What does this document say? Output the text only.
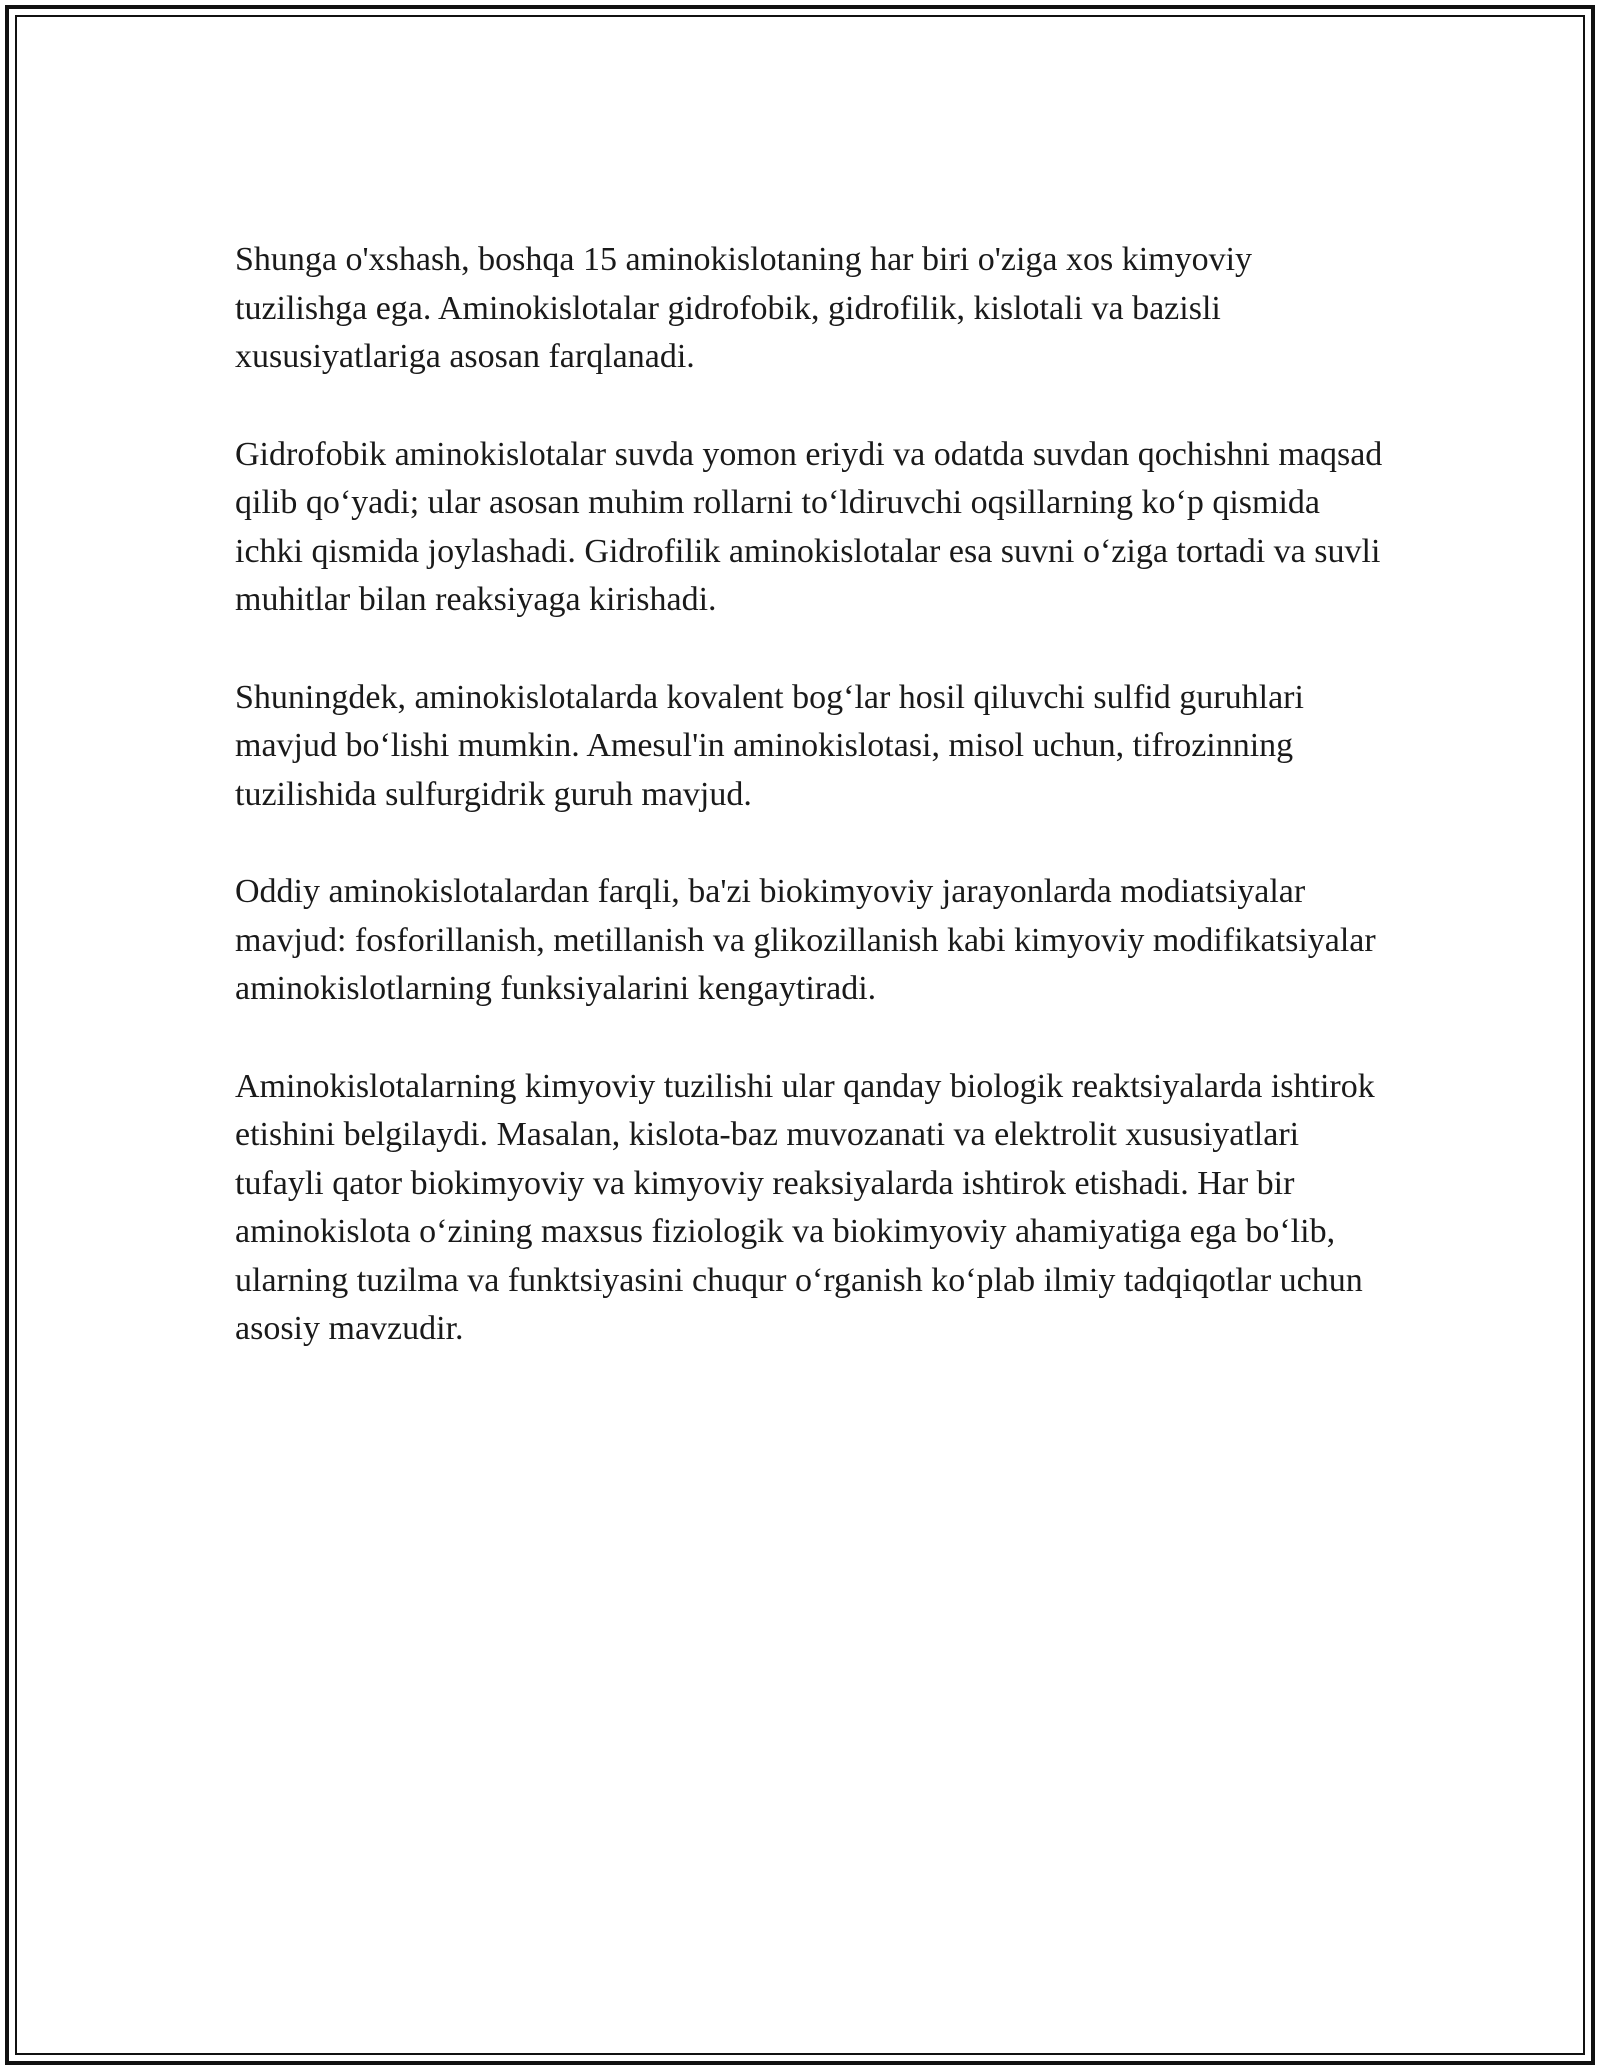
Shunga o'xshash, boshqa 15 aminokislotaning har biri o'ziga xos kimyoviy tuzilishga ega. Aminokislotalar gidrofobik, gidrofilik, kislotali va bazisli xususiyatlariga asosan farqlanadi.

Gidrofobik aminokislotalar suvda yomon eriydi va odatda suvdan qochishni maqsad qilib qo‘yadi; ular asosan muhim rollarni to‘ldiruvchi oqsillarning ko‘p qismida ichki qismida joylashadi. Gidrofilik aminokislotalar esa suvni o‘ziga tortadi va suvli muhitlar bilan reaksiyaga kirishadi.

Shuningdek, aminokislotalarda kovalent bog‘lar hosil qiluvchi sulfid guruhlari mavjud bo‘lishi mumkin. Amesul'in aminokislotasi, misol uchun, tifrozinning tuzilishida sulfurgidrik guruh mavjud.

Oddiy aminokislotalardan farqli, ba'zi biokimyoviy jarayonlarda modiatsiyalar mavjud: fosforillanish, metillanish va glikozillanish kabi kimyoviy modifikatsiyalar aminokislotlarning funksiyalarini kengaytiradi.

Aminokislotalarning kimyoviy tuzilishi ular qanday biologik reaktsiyalarda ishtirok etishini belgilaydi. Masalan, kislota-baz muvozanati va elektrolit xususiyatlari tufayli qator biokimyoviy va kimyoviy reaksiyalarda ishtirok etishadi. Har bir aminokislota o‘zining maxsus fiziologik va biokimyoviy ahamiyatiga ega bo‘lib, ularning tuzilma va funktsiyasini chuqur o‘rganish ko‘plab ilmiy tadqiqotlar uchun asosiy mavzudir.
